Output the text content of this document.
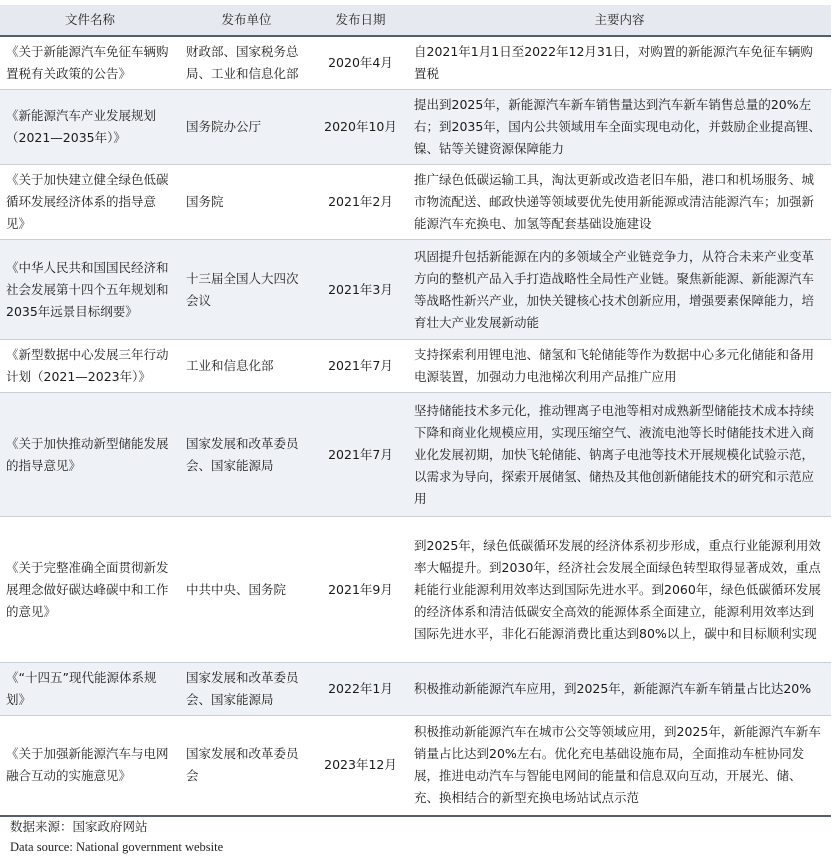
文件名称	发布单位	发布日期	主要内容
《关于新能源汽车免征车辆购置税有关政策的公告》	财政部、国家税务总局、工业和信息化部	2020年4月	自2021年1月1日至2022年12月31日，对购置的新能源汽车免征车辆购置税
《新能源汽车产业发展规划（2021—2035年）》	国务院办公厅	2020年10月	提出到2025年，新能源汽车新车销售量达到汽车新车销售总量的20%左右；到2035年，国内公共领域用车全面实现电动化，并鼓励企业提高锂、镍、钴等关键资源保障能力
《关于加快建立健全绿色低碳循环发展经济体系的指导意见》	国务院	2021年2月	推广绿色低碳运输工具，淘汰更新或改造老旧车船，港口和机场服务、城市物流配送、邮政快递等领域要优先使用新能源或清洁能源汽车；加强新能源汽车充换电、加氢等配套基础设施建设
《中华人民共和国国民经济和社会发展第十四个五年规划和2035年远景目标纲要》	十三届全国人大四次会议	2021年3月	巩固提升包括新能源在内的多领域全产业链竞争力，从符合未来产业变革方向的整机产品入手打造战略性全局性产业链。聚焦新能源、新能源汽车等战略性新兴产业，加快关键核心技术创新应用，增强要素保障能力，培育壮大产业发展新动能
《新型数据中心发展三年行动计划（2021—2023年）》	工业和信息化部	2021年7月	支持探索利用锂电池、储氢和飞轮储能等作为数据中心多元化储能和备用电源装置，加强动力电池梯次利用产品推广应用
《关于加快推动新型储能发展的指导意见》	国家发展和改革委员会、国家能源局	2021年7月	坚持储能技术多元化，推动锂离子电池等相对成熟新型储能技术成本持续下降和商业化规模应用，实现压缩空气、液流电池等长时储能技术进入商业化发展初期，加快飞轮储能、钠离子电池等技术开展规模化试验示范，以需求为导向，探索开展储氢、储热及其他创新储能技术的研究和示范应用
《关于完整准确全面贯彻新发展理念做好碳达峰碳中和工作的意见》	中共中央、国务院	2021年9月	到2025年，绿色低碳循环发展的经济体系初步形成，重点行业能源利用效率大幅提升。到2030年，经济社会发展全面绿色转型取得显著成效，重点耗能行业能源利用效率达到国际先进水平。到2060年，绿色低碳循环发展的经济体系和清洁低碳安全高效的能源体系全面建立，能源利用效率达到国际先进水平，非化石能源消费比重达到80%以上，碳中和目标顺利实现
《“十四五”现代能源体系规划》	国家发展和改革委员会、国家能源局	2022年1月	积极推动新能源汽车应用，到2025年，新能源汽车新车销量占比达20%
《关于加强新能源汽车与电网融合互动的实施意见》	国家发展和改革委员会	2023年12月	积极推动新能源汽车在城市公交等领域应用，到2025年，新能源汽车新车销量占比达到20%左右。优化充电基础设施布局，全面推动车桩协同发展，推进电动汽车与智能电网间的能量和信息双向互动，开展光、储、充、换相结合的新型充换电场站试点示范
数据来源：国家政府网站
Data source: National government website
